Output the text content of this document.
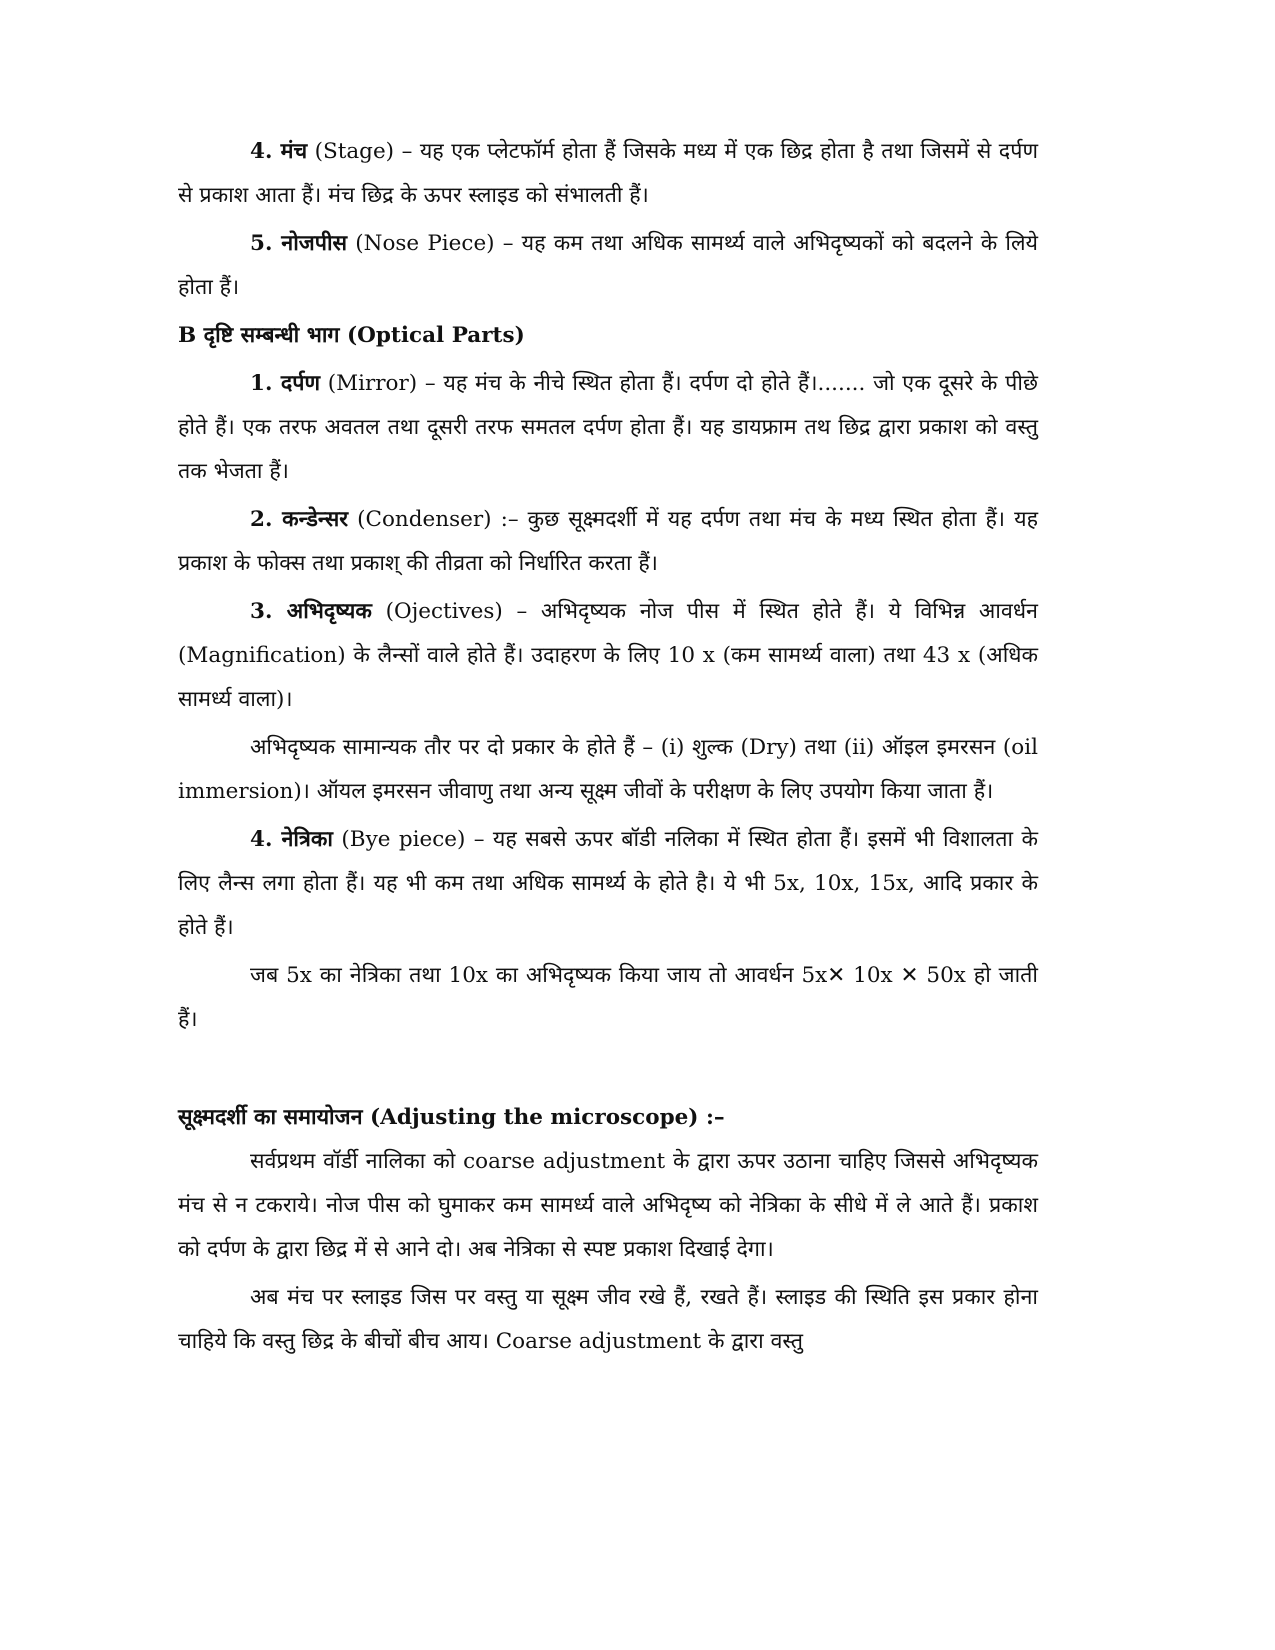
4. मंच (Stage) – यह एक प्लेटफॉर्म होता हैं जिसके मध्य में एक छिद्र होता है तथा जिसमें से दर्पण से प्रकाश आता हैं। मंच छिद्र के ऊपर स्लाइड को संभालती हैं।

5. नोजपीस (Nose Piece) – यह कम तथा अधिक सामर्थ्य वाले अभिदृष्यकों को बदलने के लिये होता हैं।

B दृष्टि सम्बन्धी भाग (Optical Parts)

1. दर्पण (Mirror) – यह मंच के नीचे स्थित होता हैं। दर्पण दो होते हैं।....... जो एक दूसरे के पीछे होते हैं। एक तरफ अवतल तथा दूसरी तरफ समतल दर्पण होता हैं। यह डायफ्राम तथ छिद्र द्वारा प्रकाश को वस्तु तक भेजता हैं।

2. कन्डेन्सर (Condenser) :– कुछ सूक्ष्मदर्शी में यह दर्पण तथा मंच के मध्य स्थित होता हैं। यह प्रकाश के फोक्स तथा प्रकाश् की तीव्रता को निर्धारित करता हैं।

3. अभिदृष्यक (Ojectives) – अभिदृष्यक नोज पीस में स्थित होते हैं। ये विभिन्न आवर्धन (Magnification) के लैन्सों वाले होते हैं। उदाहरण के लिए 10 x (कम सामर्थ्य वाला) तथा 43 x (अधिक सामर्ध्य वाला)।

अभिदृष्यक सामान्यक तौर पर दो प्रकार के होते हैं – (i) शुल्क (Dry) तथा (ii) ऑइल इमरसन (oil immersion)। ऑयल इमरसन जीवाणु तथा अन्य सूक्ष्म जीवों के परीक्षण के लिए उपयोग किया जाता हैं।

4. नेत्रिका (Bye piece) – यह सबसे ऊपर बॉडी नलिका में स्थित होता हैं। इसमें भी विशालता के लिए लैन्स लगा होता हैं। यह भी कम तथा अधिक सामर्थ्य के होते है। ये भी 5x, 10x, 15x, आदि प्रकार के होते हैं।

जब 5x का नेत्रिका तथा 10x का अभिदृष्यक किया जाय तो आवर्धन 5x✕ 10x ✕ 50x हो जाती हैं।

सूक्ष्मदर्शी का समायोजन (Adjusting the microscope) :–

सर्वप्रथम वॉर्डी नालिका को coarse adjustment के द्वारा ऊपर उठाना चाहिए जिससे अभिदृष्यक मंच से न टकराये। नोज पीस को घुमाकर कम सामर्ध्य वाले अभिदृष्य को नेत्रिका के सीधे में ले आते हैं। प्रकाश को दर्पण के द्वारा छिद्र में से आने दो। अब नेत्रिका से स्पष्ट प्रकाश दिखाई देगा।

अब मंच पर स्लाइड जिस पर वस्तु या सूक्ष्म जीव रखे हैं, रखते हैं। स्लाइड की स्थिति इस प्रकार होना चाहिये कि वस्तु छिद्र के बीचों बीच आय। Coarse adjustment के द्वारा वस्तु
